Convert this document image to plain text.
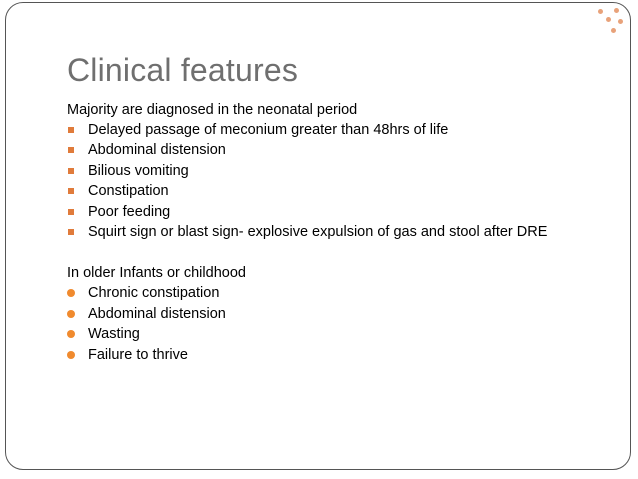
Clinical features
Majority are diagnosed in the neonatal period
Delayed passage of meconium greater than 48hrs of life
Abdominal distension
Bilious vomiting
Constipation
Poor feeding
Squirt sign or blast sign- explosive expulsion of gas and stool after DRE
In older Infants or childhood
Chronic constipation
Abdominal distension
Wasting
Failure to thrive
